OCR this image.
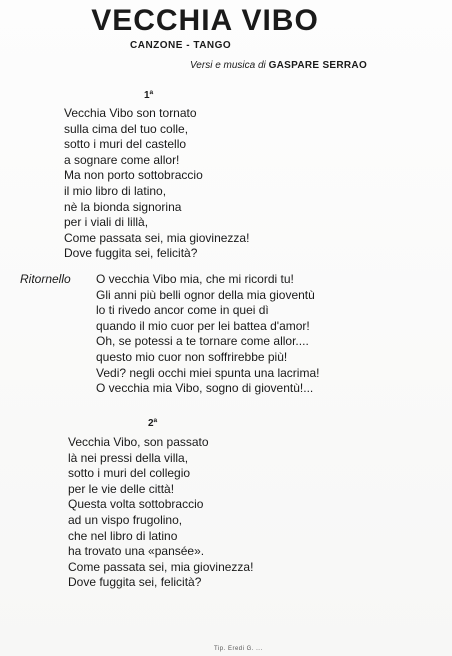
VECCHIA VIBO
CANZONE - TANGO
Versi e musica di GASPARE SERRAO
1ª
Vecchia Vibo son tornato
sulla cima del tuo colle,
sotto i muri del castello
a sognare come allor!
Ma non porto sottobraccio
il mio libro di latino,
nè la bionda signorina
per i viali di lillà,
Come passata sei, mia giovinezza!
Dove fuggita sei, felicità?
Ritornello O vecchia Vibo mia, che mi ricordi tu!
Gli anni più belli ognor della mia gioventù
lo ti rivedo ancor come in quei dì
quando il mio cuor per lei battea d'amor!
Oh, se potessi a te tornare come allor....
questo mio cuor non soffrirebbe più!
Vedi? negli occhi miei spunta una lacrima!
O vecchia mia Vibo, sogno di gioventù!...
2ª
Vecchia Vibo, son passato
là nei pressi della villa,
sotto i muri del collegio
per le vie delle città!
Questa volta sottobraccio
ad un vispo frugolino,
che nel libro di latino
ha trovato una «pansée».
Come passata sei, mia giovinezza!
Dove fuggita sei, felicità?
Tip. Eredi G. ...
